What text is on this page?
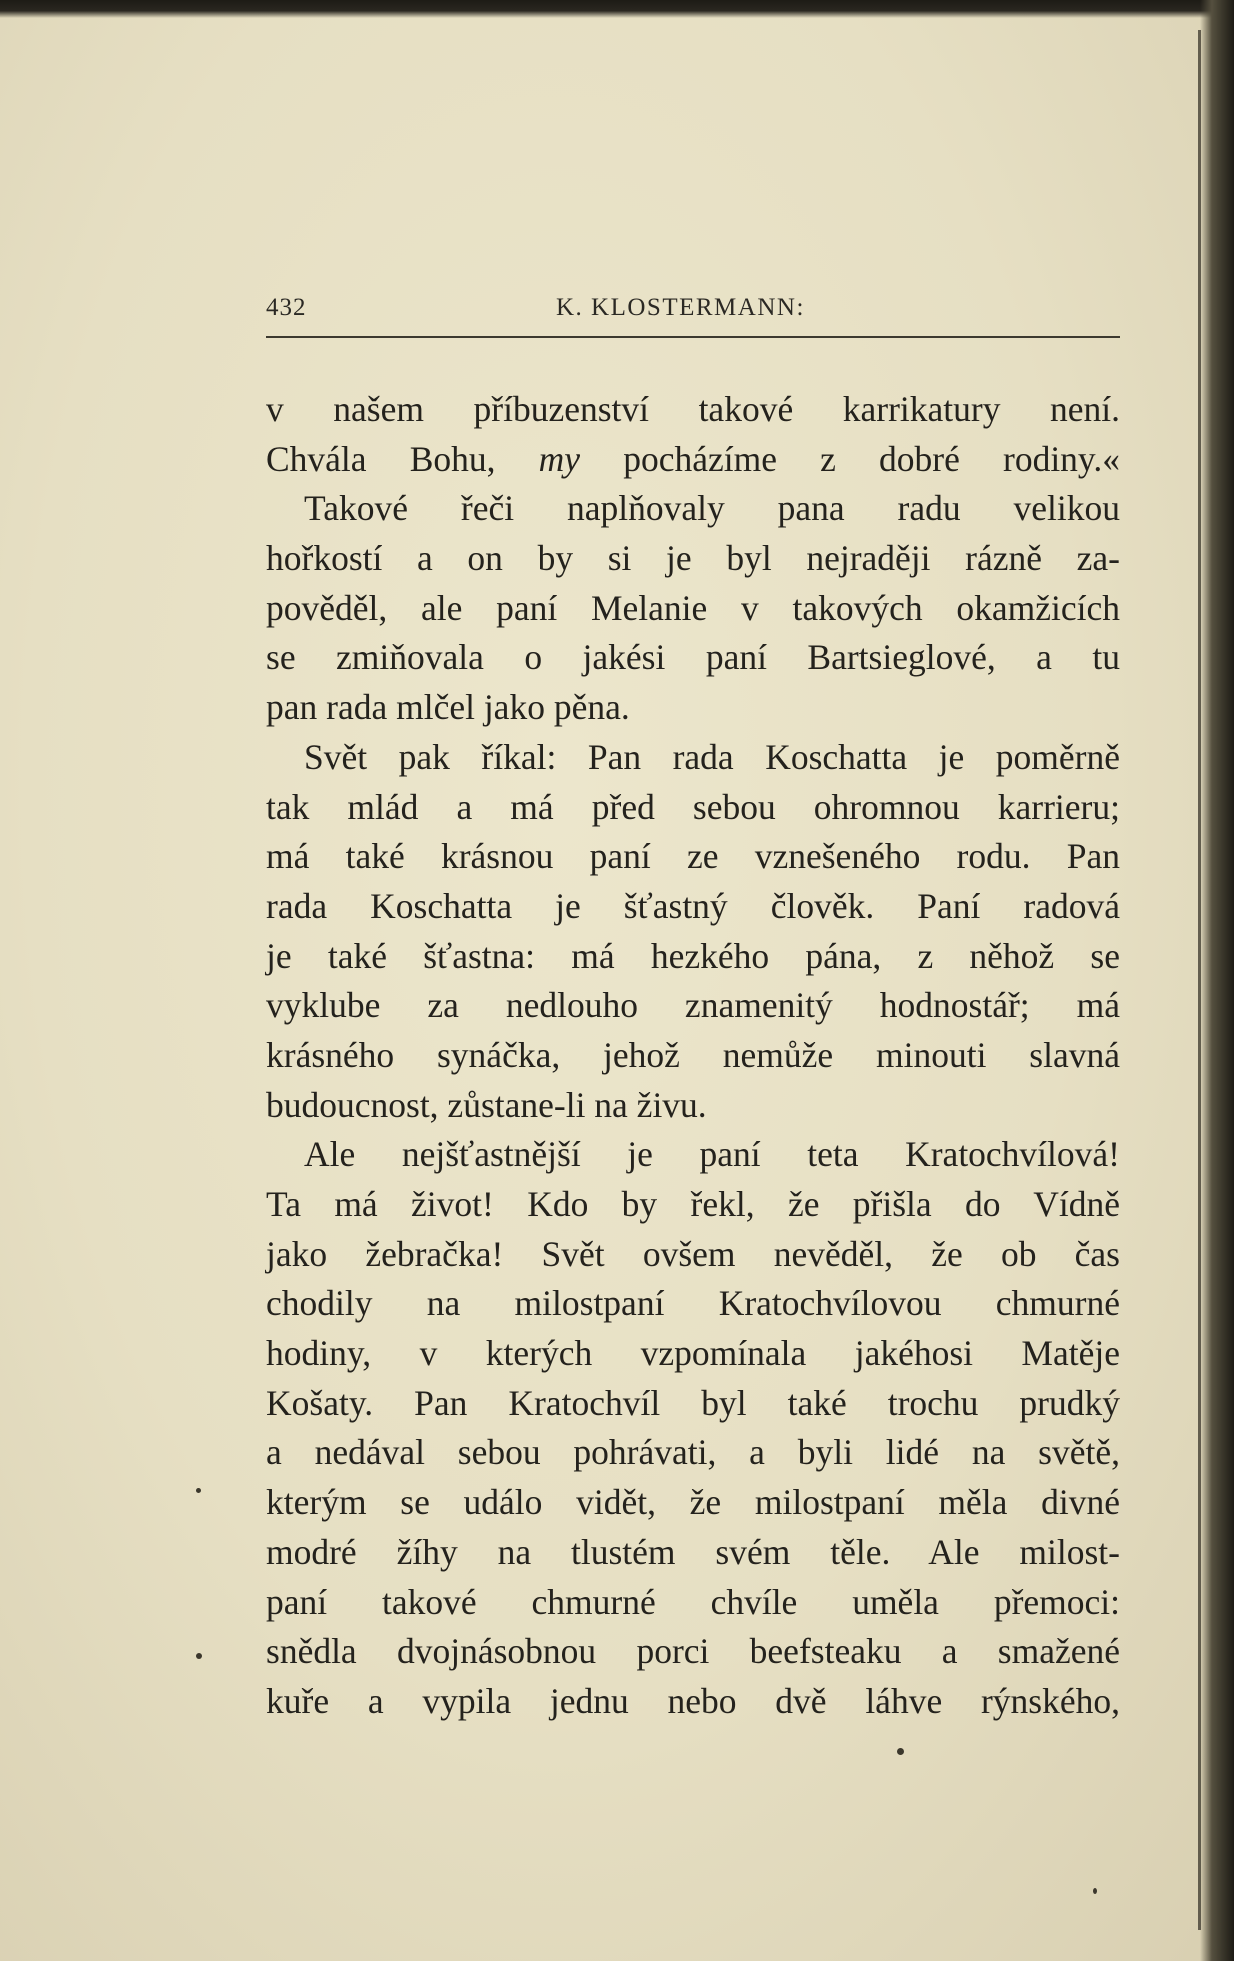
432	K. KLOSTERMANN:
v našem příbuzenství takové karrikatury není.
Chvála Bohu, my pocházíme z dobré rodiny.«
Takové řeči naplňovaly pana radu velikou
hořkostí a on by si je byl nejraději rázně za-
pověděl, ale paní Melanie v takových okamžicích
se zmiňovala o jakési paní Bartsieglové, a tu
pan rada mlčel jako pěna.
Svět pak říkal: Pan rada Koschatta je poměrně
tak mlád a má před sebou ohromnou karrieru;
má také krásnou paní ze vznešeného rodu. Pan
rada Koschatta je šťastný člověk. Paní radová
je také šťastna: má hezkého pána, z něhož se
vyklube za nedlouho znamenitý hodnostář; má
krásného synáčka, jehož nemůže minouti slavná
budoucnost, zůstane-li na živu.
Ale nejšťastnější je paní teta Kratochvílová!
Ta má život! Kdo by řekl, že přišla do Vídně
jako žebračka! Svět ovšem nevěděl, že ob čas
chodily na milostpaní Kratochvílovou chmurné
hodiny, v kterých vzpomínala jakéhosi Matěje
Košaty. Pan Kratochvíl byl také trochu prudký
a nedával sebou pohrávati, a byli lidé na světě,
kterým se událo vidět, že milostpaní měla divné
modré žíhy na tlustém svém těle. Ale milost-
paní takové chmurné chvíle uměla přemoci:
snědla dvojnásobnou porci beefsteaku a smažené
kuře a vypila jednu nebo dvě láhve rýnského,
